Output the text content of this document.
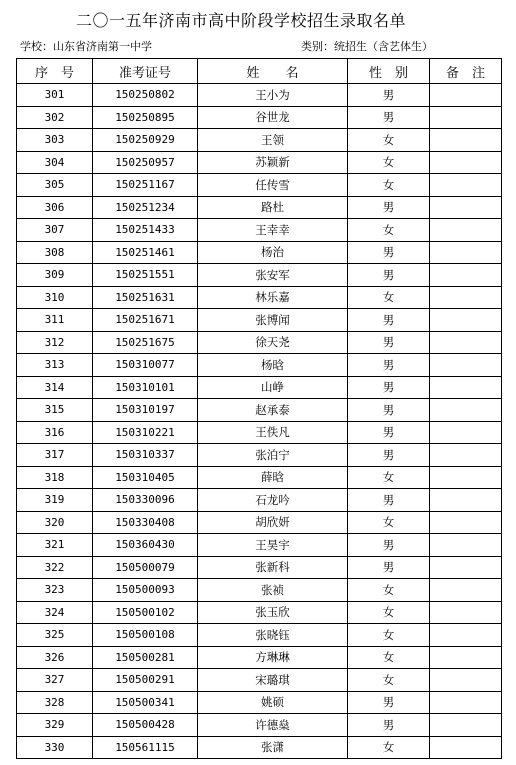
二〇一五年济南市高中阶段学校招生录取名单
学校：山东省济南第一中学	类别：统招生（含艺体生）
序　号	准考证号	姓　　名	性　别	备　注
301	150250802	王小为	男	
302	150250895	谷世龙	男	
303	150250929	王领	女	
304	150250957	苏颖新	女	
305	150251167	任传雪	女	
306	150251234	路杜	男	
307	150251433	王幸幸	女	
308	150251461	杨治	男	
309	150251551	张安军	男	
310	150251631	林乐嘉	女	
311	150251671	张博闻	男	
312	150251675	徐天尧	男	
313	150310077	杨晗	男	
314	150310101	山峥	男	
315	150310197	赵承泰	男	
316	150310221	王佚凡	男	
317	150310337	张泊宁	男	
318	150310405	薛晗	女	
319	150330096	石龙吟	男	
320	150330408	胡欣妍	女	
321	150360430	王昊宇	男	
322	150500079	张新科	男	
323	150500093	张祯	女	
324	150500102	张玉欣	女	
325	150500108	张晓钰	女	
326	150500281	方琳琳	女	
327	150500291	宋璐琪	女	
328	150500341	姚硕	男	
329	150500428	许德燊	男	
330	150561115	张潇	女	
